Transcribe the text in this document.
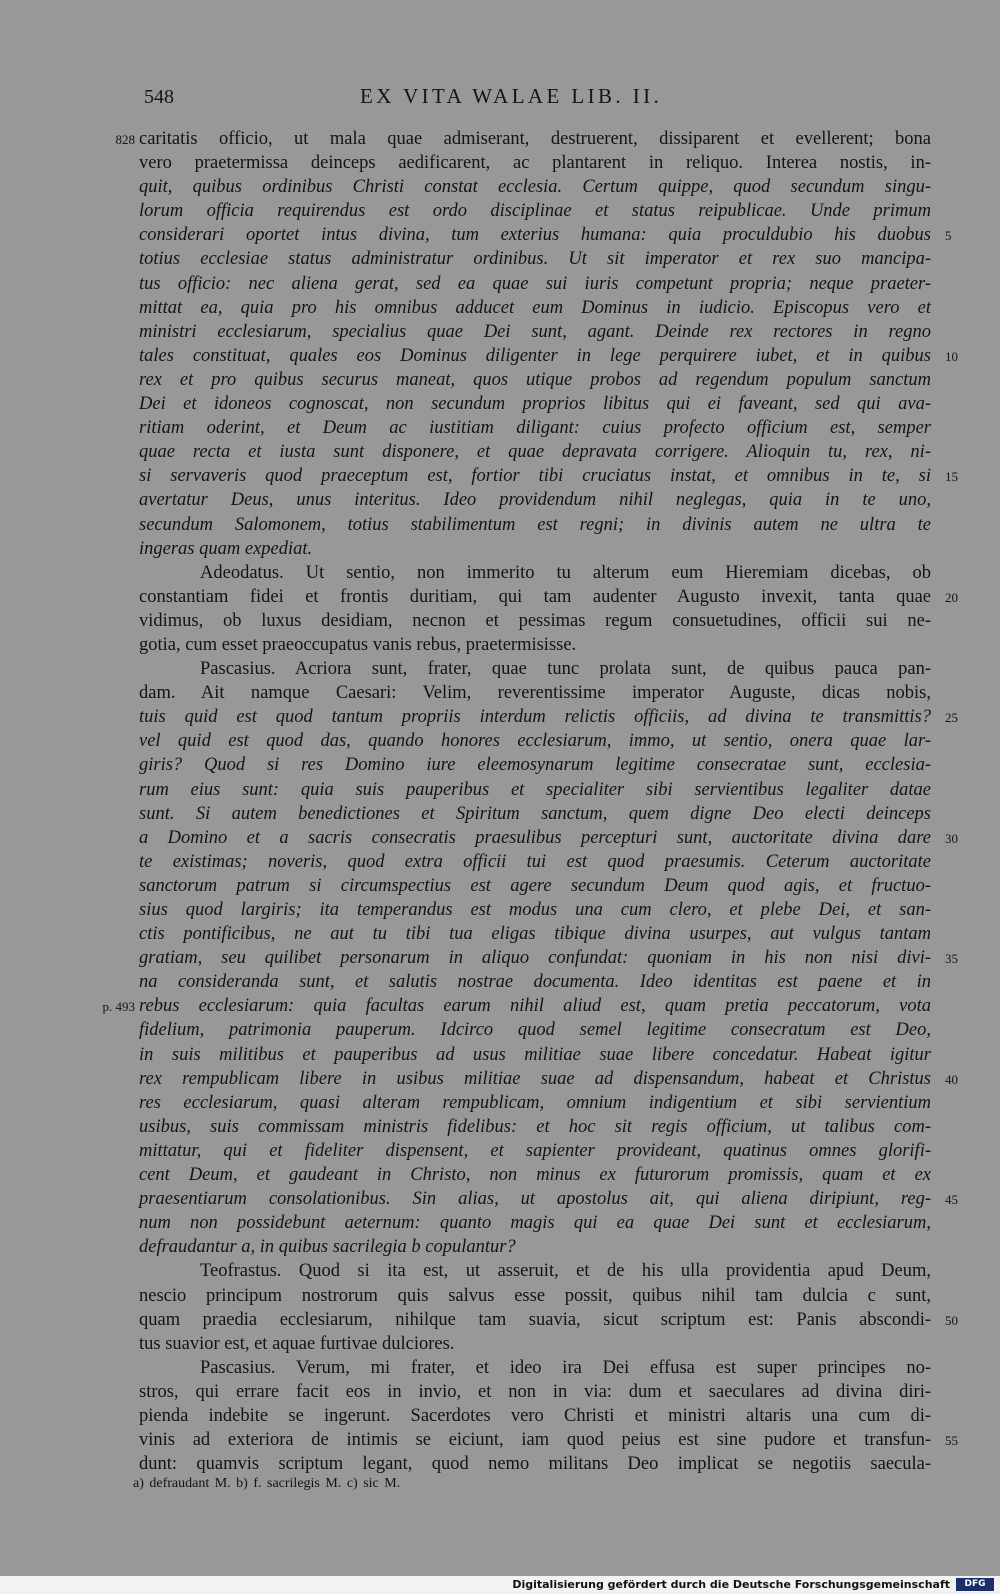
548	EX VITA WALAE LIB. II.
828 caritatis officio, ut mala quae admiserant, destruerent, dissiparent et evellerent; bona
vero praetermissa deinceps aedificarent, ac plantarent in reliquo. Interea nostis, in-
quit, quibus ordinibus Christi constat ecclesia. Certum quippe, quod secundum singu-
lorum officia requirendus est ordo disciplinae et status reipublicae. Unde primum
considerari oportet intus divina, tum exterius humana: quia proculdubio his duobus 5
totius ecclesiae status administratur ordinibus. Ut sit imperator et rex suo mancipa-
tus officio: nec aliena gerat, sed ea quae sui iuris competunt propria; neque praeter-
mittat ea, quia pro his omnibus adducet eum Dominus in iudicio. Episcopus vero et
ministri ecclesiarum, specialius quae Dei sunt, agant. Deinde rex rectores in regno
tales constituat, quales eos Dominus diligenter in lege perquirere iubet, et in quibus 10
rex et pro quibus securus maneat, quos utique probos ad regendum populum sanctum
Dei et idoneos cognoscat, non secundum proprios libitus qui ei faveant, sed qui ava-
ritiam oderint, et Deum ac iustitiam diligant: cuius profecto officium est, semper
quae recta et iusta sunt disponere, et quae depravata corrigere. Alioquin tu, rex, ni-
si servaveris quod praeceptum est, fortior tibi cruciatus instat, et omnibus in te, si 15
avertatur Deus, unus interitus. Ideo providendum nihil neglegas, quia in te uno,
secundum Salomonem, totius stabilimentum est regni; in divinis autem ne ultra te
ingeras quam expediat.
Adeodatus. Ut sentio, non immerito tu alterum eum Hieremiam dicebas, ob
constantiam fidei et frontis duritiam, qui tam audenter Augusto invexit, tanta quae 20
vidimus, ob luxus desidiam, necnon et pessimas regum consuetudines, officii sui ne-
gotia, cum esset praeoccupatus vanis rebus, praetermisisse.
Pascasius. Acriora sunt, frater, quae tunc prolata sunt, de quibus pauca pan-
dam. Ait namque Caesari: Velim, reverentissime imperator Auguste, dicas nobis,
tuis quid est quod tantum propriis interdum relictis officiis, ad divina te transmittis? 25
vel quid est quod das, quando honores ecclesiarum, immo, ut sentio, onera quae lar-
giris? Quod si res Domino iure eleemosynarum legitime consecratae sunt, ecclesia-
rum eius sunt: quia suis pauperibus et specialiter sibi servientibus legaliter datae
sunt. Si autem benedictiones et Spiritum sanctum, quem digne Deo electi deinceps
a Domino et a sacris consecratis praesulibus percepturi sunt, auctoritate divina dare 30
te existimas; noveris, quod extra officii tui est quod praesumis. Ceterum auctoritate
sanctorum patrum si circumspectius est agere secundum Deum quod agis, et fructuo-
sius quod largiris; ita temperandus est modus una cum clero, et plebe Dei, et san-
ctis pontificibus, ne aut tu tibi tua eligas tibique divina usurpes, aut vulgus tantam
gratiam, seu quilibet personarum in aliquo confundat: quoniam in his non nisi divi- 35
na consideranda sunt, et salutis nostrae documenta. Ideo identitas est paene et in
p. 493 rebus ecclesiarum: quia facultas earum nihil aliud est, quam pretia peccatorum, vota
fidelium, patrimonia pauperum. Idcirco quod semel legitime consecratum est Deo,
in suis militibus et pauperibus ad usus militiae suae libere concedatur. Habeat igitur
rex rempublicam libere in usibus militiae suae ad dispensandum, habeat et Christus 40
res ecclesiarum, quasi alteram rempublicam, omnium indigentium et sibi servientium
usibus, suis commissam ministris fidelibus: et hoc sit regis officium, ut talibus com-
mittatur, qui et fideliter dispensent, et sapienter provideant, quatinus omnes glorifi-
cent Deum, et gaudeant in Christo, non minus ex futurorum promissis, quam et ex
praesentiarum consolationibus. Sin alias, ut apostolus ait, qui aliena diripiunt, reg- 45
num non possidebunt aeternum: quanto magis qui ea quae Dei sunt et ecclesiarum,
defraudantur a, in quibus sacrilegia b copulantur?
Teofrastus. Quod si ita est, ut asseruit, et de his ulla providentia apud Deum,
nescio principum nostrorum quis salvus esse possit, quibus nihil tam dulcia c sunt,
quam praedia ecclesiarum, nihilque tam suavia, sicut scriptum est: Panis abscondi- 50
tus suavior est, et aquae furtivae dulciores.
Pascasius. Verum, mi frater, et ideo ira Dei effusa est super principes no-
stros, qui errare facit eos in invio, et non in via: dum et saeculares ad divina diri-
pienda indebite se ingerunt. Sacerdotes vero Christi et ministri altaris una cum di-
vinis ad exteriora de intimis se eiciunt, iam quod peius est sine pudore et transfun- 55
dunt: quamvis scriptum legant, quod nemo militans Deo implicat se negotiis saecula-
a) defraudant M. b) f. sacrilegis M. c) sic M.
Digitalisierung gefördert durch die Deutsche Forschungsgemeinschaft	DFG
